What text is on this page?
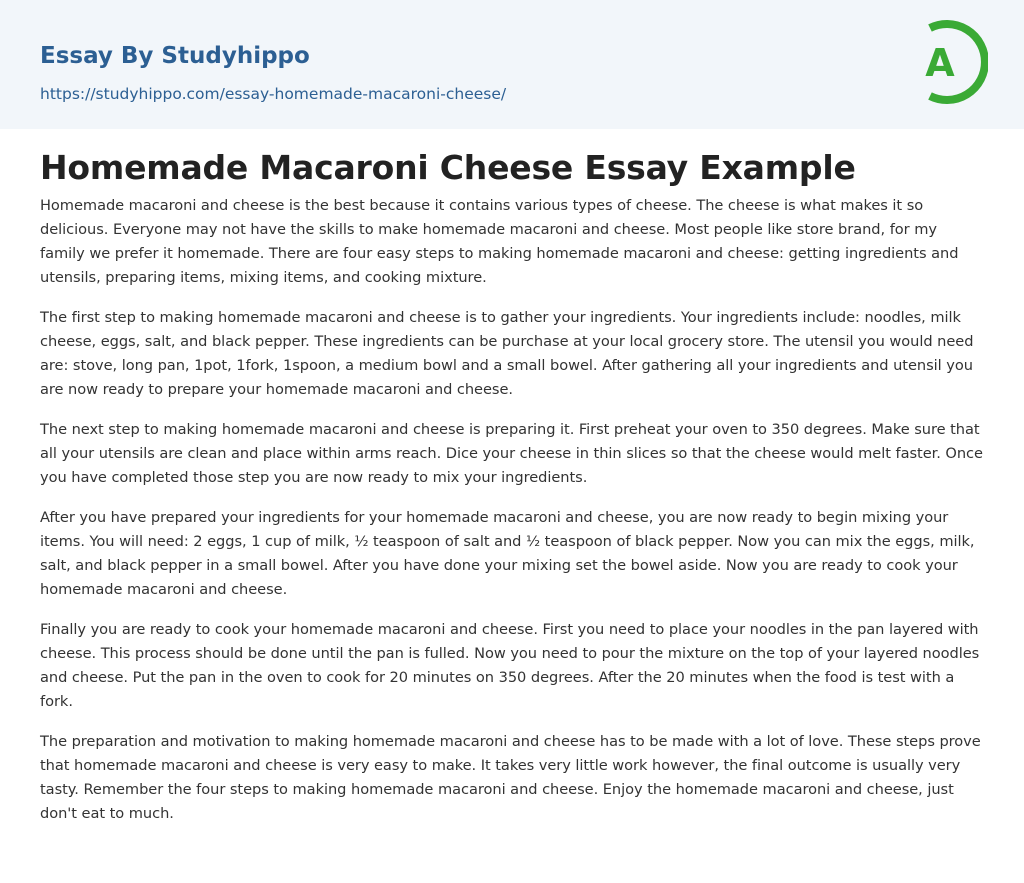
Essay By Studyhippo
https://studyhippo.com/essay-homemade-macaroni-cheese/
A
Homemade Macaroni Cheese Essay Example

Homemade macaroni and cheese is the best because it contains various types of cheese. The cheese is what makes it so delicious. Everyone may not have the skills to make homemade macaroni and cheese. Most people like store brand, for my family we prefer it homemade. There are four easy steps to making homemade macaroni and cheese: getting ingredients and utensils, preparing items, mixing items, and cooking mixture.

The first step to making homemade macaroni and cheese is to gather your ingredients. Your ingredients include: noodles, milk cheese, eggs, salt, and black pepper. These ingredients can be purchase at your local grocery store. The utensil you would need are: stove, long pan, 1pot, 1fork, 1spoon, a medium bowl and a small bowel. After gathering all your ingredients and utensil you are now ready to prepare your homemade macaroni and cheese.

The next step to making homemade macaroni and cheese is preparing it. First preheat your oven to 350 degrees. Make sure that all your utensils are clean and place within arms reach. Dice your cheese in thin slices so that the cheese would melt faster. Once you have completed those step you are now ready to mix your ingredients.

After you have prepared your ingredients for your homemade macaroni and cheese, you are now ready to begin mixing your items. You will need: 2 eggs, 1 cup of milk, ½ teaspoon of salt and ½ teaspoon of black pepper. Now you can mix the eggs, milk, salt, and black pepper in a small bowel. After you have done your mixing set the bowel aside. Now you are ready to cook your homemade macaroni and cheese.

Finally you are ready to cook your homemade macaroni and cheese. First you need to place your noodles in the pan layered with cheese. This process should be done until the pan is fulled. Now you need to pour the mixture on the top of your layered noodles and cheese. Put the pan in the oven to cook for 20 minutes on 350 degrees. After the 20 minutes when the food is test with a fork.

The preparation and motivation to making homemade macaroni and cheese has to be made with a lot of love. These steps prove that homemade macaroni and cheese is very easy to make. It takes very little work however, the final outcome is usually very tasty. Remember the four steps to making homemade macaroni and cheese. Enjoy the homemade macaroni and cheese, just don't eat to much.
